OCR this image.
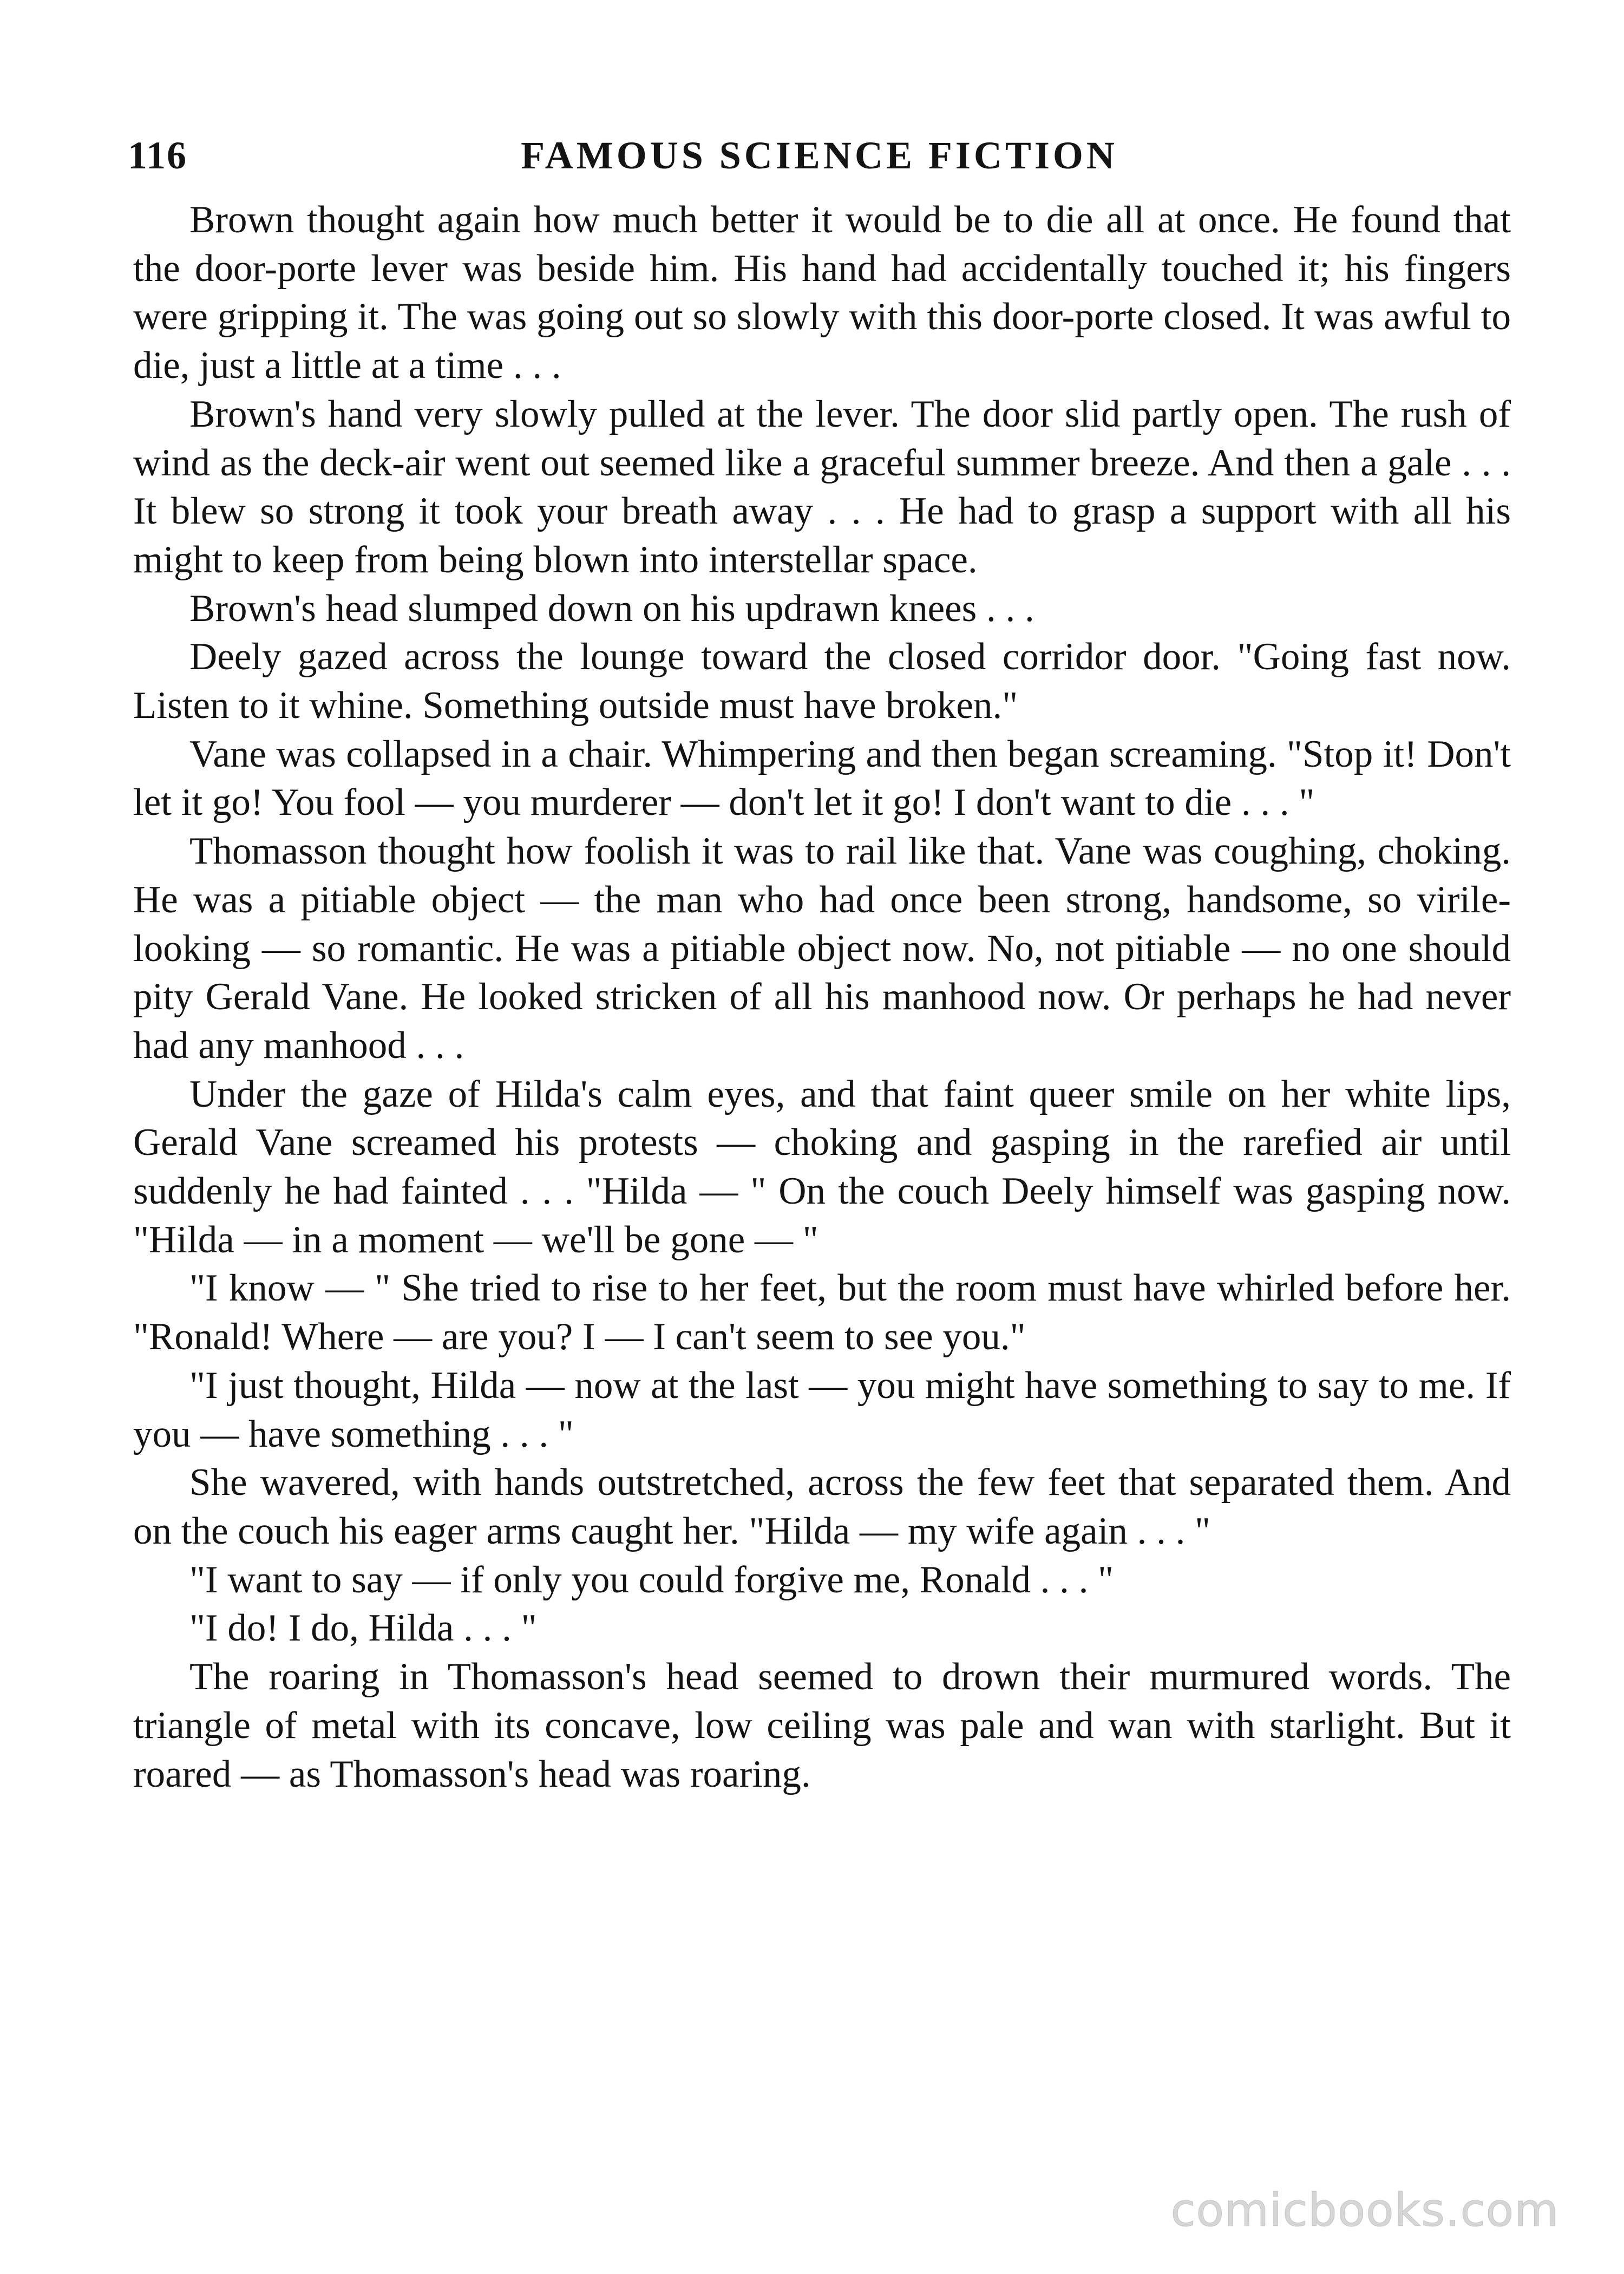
116	FAMOUS SCIENCE FICTION

Brown thought again how much better it would be to die all at once. He found that the door-porte lever was beside him. His hand had accidentally touched it; his fingers were gripping it. The was going out so slowly with this door-porte closed. It was awful to die, just a little at a time . . .

Brown's hand very slowly pulled at the lever. The door slid partly open. The rush of wind as the deck-air went out seemed like a graceful summer breeze. And then a gale . . . It blew so strong it took your breath away . . . He had to grasp a support with all his might to keep from being blown into interstellar space.

Brown's head slumped down on his updrawn knees . . .

Deely gazed across the lounge toward the closed corridor door. "Going fast now. Listen to it whine. Something outside must have broken."

Vane was collapsed in a chair. Whimpering and then began screaming. "Stop it! Don't let it go! You fool — you murderer — don't let it go! I don't want to die . . . "

Thomasson thought how foolish it was to rail like that. Vane was coughing, choking. He was a pitiable object — the man who had once been strong, handsome, so virile-looking — so romantic. He was a pitiable object now. No, not pitiable — no one should pity Gerald Vane. He looked stricken of all his manhood now. Or perhaps he had never had any manhood . . .

Under the gaze of Hilda's calm eyes, and that faint queer smile on her white lips, Gerald Vane screamed his protests — choking and gasping in the rarefied air until suddenly he had fainted . . . "Hilda — " On the couch Deely himself was gasping now. "Hilda — in a moment — we'll be gone — "

"I know — " She tried to rise to her feet, but the room must have whirled before her. "Ronald! Where — are you? I — I can't seem to see you."

"I just thought, Hilda — now at the last — you might have something to say to me. If you — have something . . . "

She wavered, with hands outstretched, across the few feet that separated them. And on the couch his eager arms caught her. "Hilda — my wife again . . . "

"I want to say — if only you could forgive me, Ronald . . . "

"I do! I do, Hilda . . . "

The roaring in Thomasson's head seemed to drown their murmured words. The triangle of metal with its concave, low ceiling was pale and wan with starlight. But it roared — as Thomasson's head was roaring.

comicbooks.com
